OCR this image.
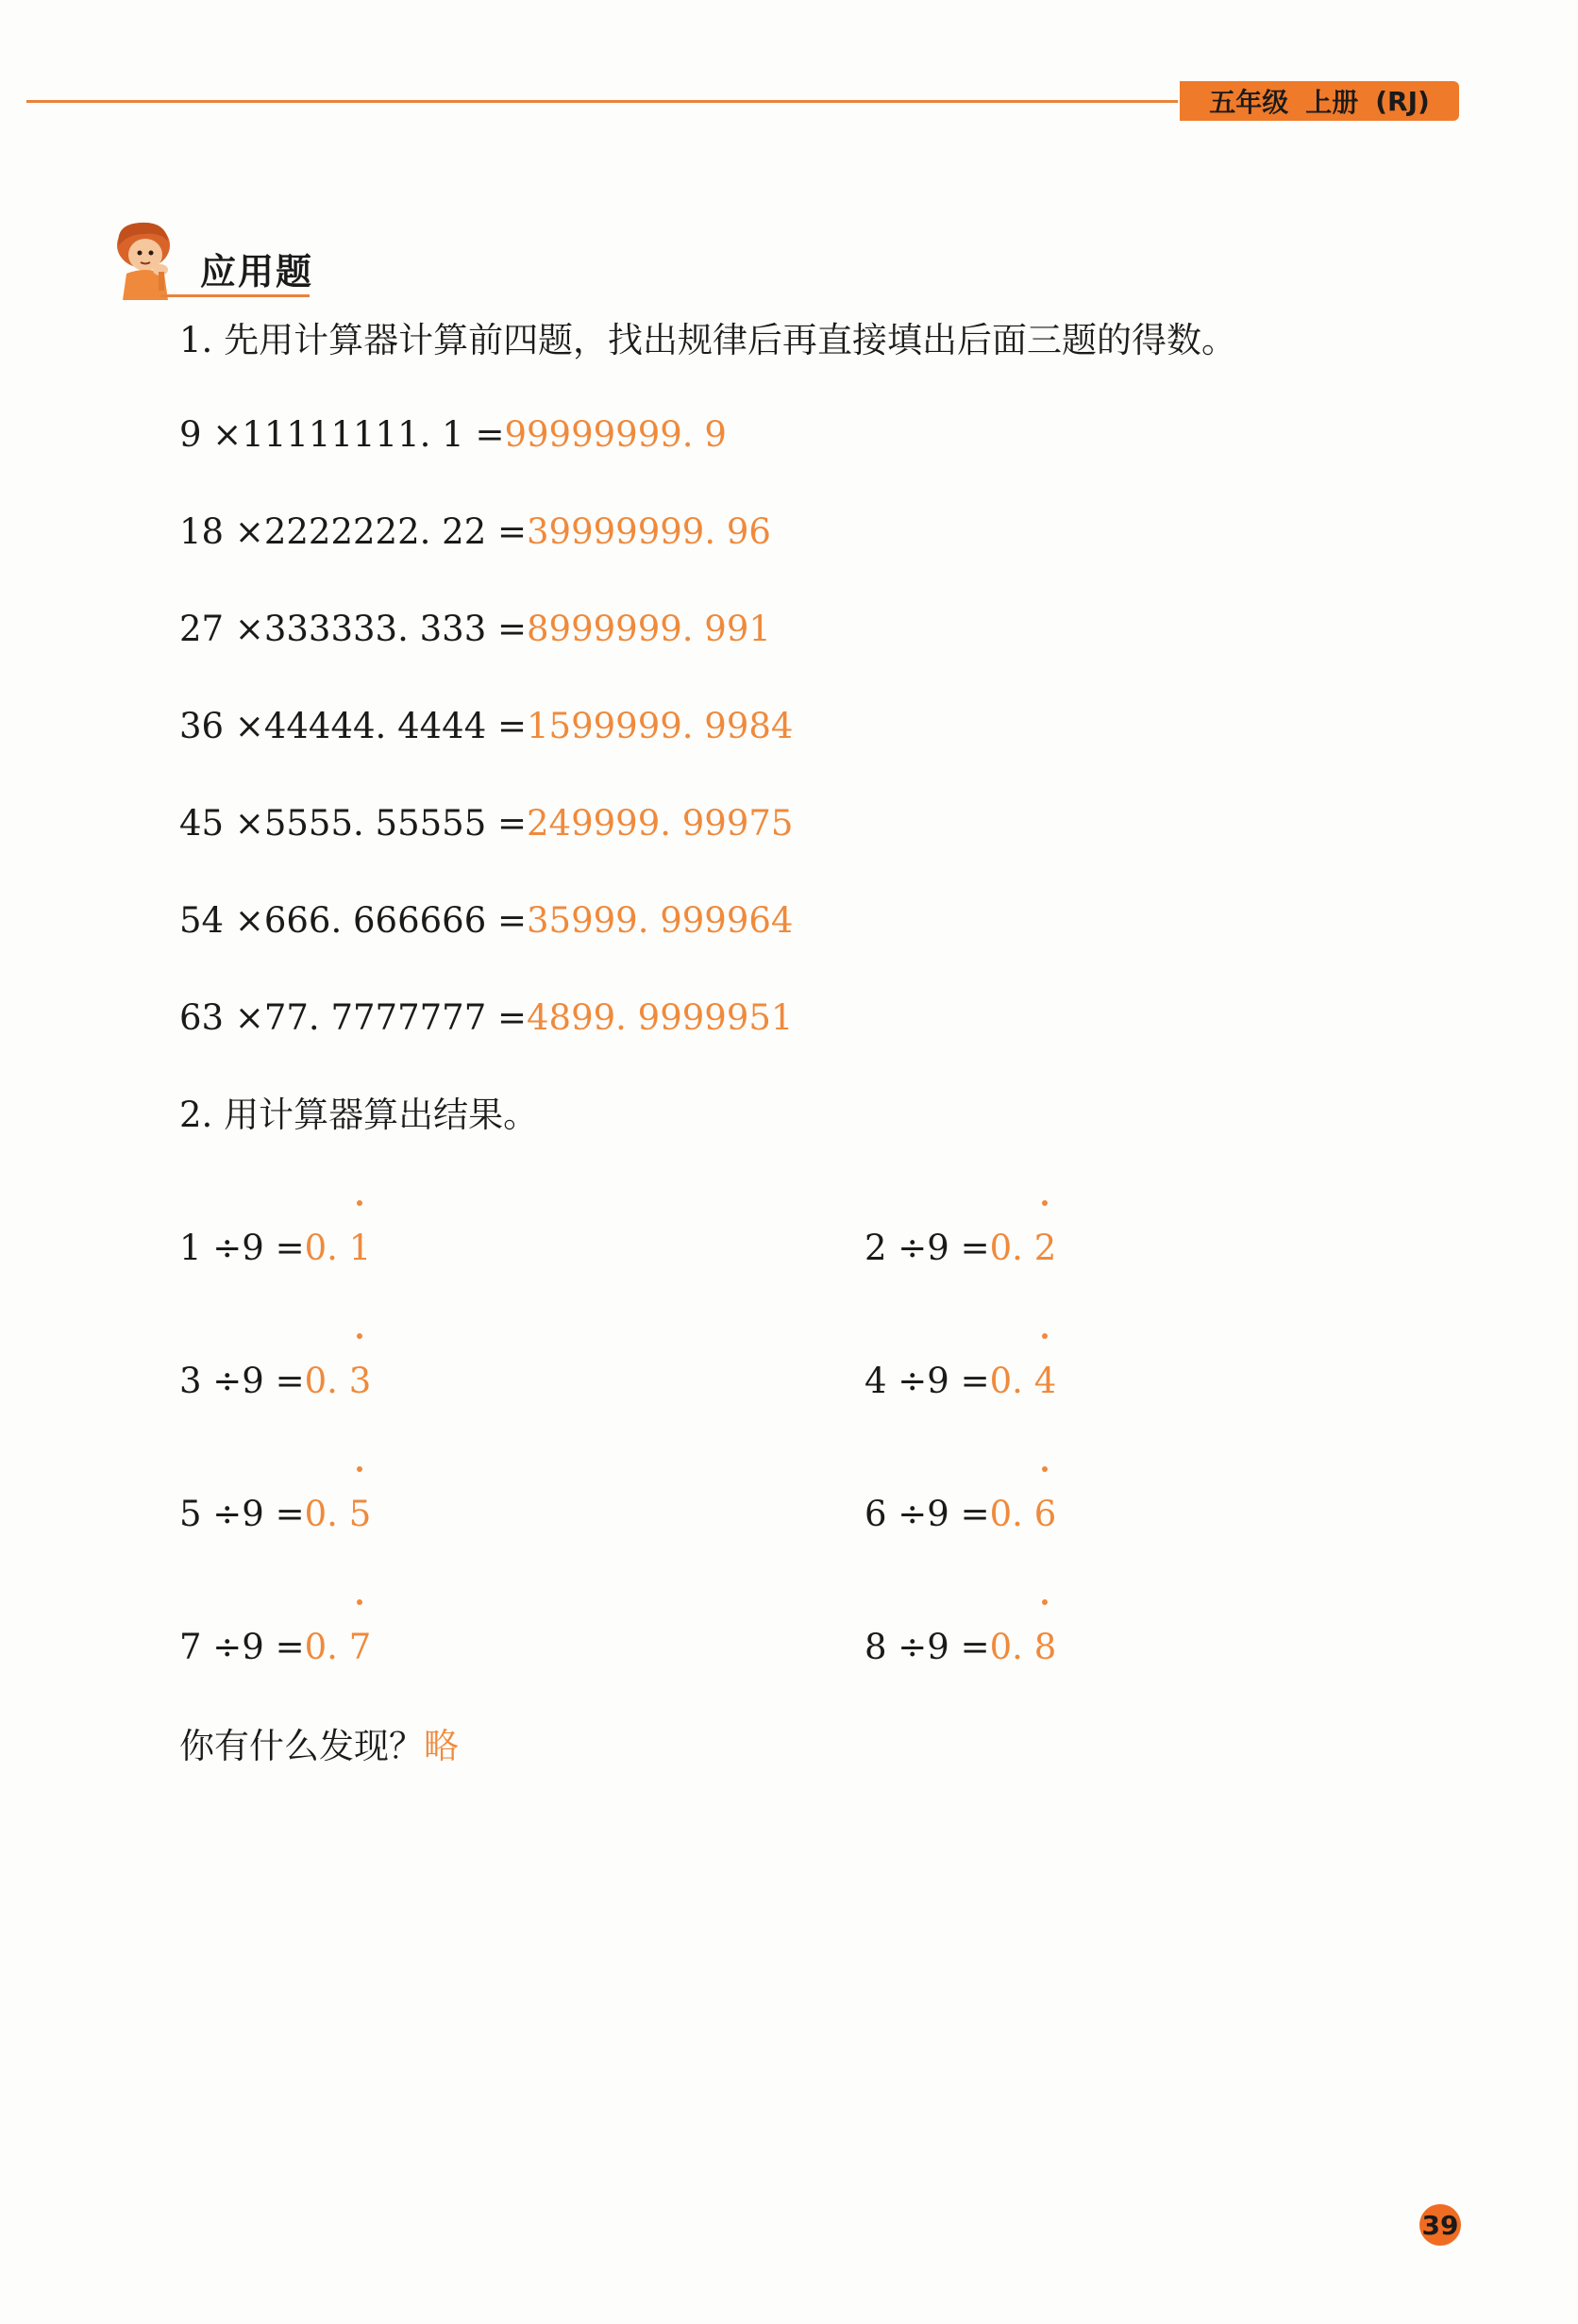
五年级 上册 (RJ)
应用题
1. 先用计算器计算前四题，找出规律后再直接填出后面三题的得数。
9 ×11111111. 1 =99999999. 9
18 ×2222222. 22 =39999999. 96
27 ×333333. 333 =8999999. 991
36 ×44444. 4444 =1599999. 9984
45 ×5555. 55555 =249999. 99975
54 ×666. 666666 =35999. 999964
63 ×77. 7777777 =4899. 9999951
2. 用计算器算出结果。
1 ÷9 =0.
1
3 ÷9 =0.
3
5 ÷9 =0.
5
7 ÷9 =0.
7
2 ÷9 =0.
2
4 ÷9 =0.
4
6 ÷9 =0.
6
8 ÷9 =0.
8
你有什么发现？略
39
